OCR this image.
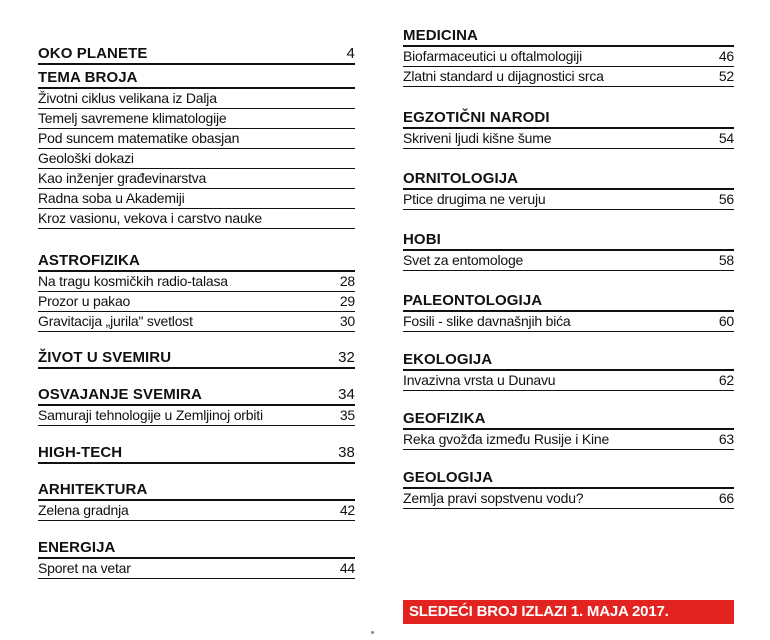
OKO PLANETE	4
TEMA BROJA
Životni ciklus velikana iz Dalja
Temelj savremene klimatologije
Pod suncem matematike obasjan
Geološki dokazi
Kao inženjer građevinarstva
Radna soba u Akademiji
Kroz vasionu, vekova i carstvo nauke
ASTROFIZIKA
Na tragu kosmičkih radio-talasa	28
Prozor u pakao	29
Gravitacija „jurila" svetlost	30
ŽIVOT U SVEMIRU	32
OSVAJANJE SVEMIRA	34
Samuraji tehnologije u Zemljinoj orbiti	35
HIGH-TECH	38
ARHITEKTURA
Zelena gradnja	42
ENERGIJA
Sporet na vetar	44
MEDICINA
Biofarmaceutici u oftalmologiji	46
Zlatni standard u dijagnostici srca	52
EGZOTIČNI NARODI
Skriveni ljudi kišne šume	54
ORNITOLOGIJA
Ptice drugima ne veruju	56
HOBI
Svet za entomologe	58
PALEONTOLOGIJA
Fosili - slike davnašnjih bića	60
EKOLOGIJA
Invazivna vrsta u Dunavu	62
GEOFIZIKA
Reka gvožđa između Rusije i Kine	63
GEOLOGIJA
Zemlja pravi sopstvenu vodu?	66
SLEDEĆI BROJ IZLAZI 1. MAJA 2017.
